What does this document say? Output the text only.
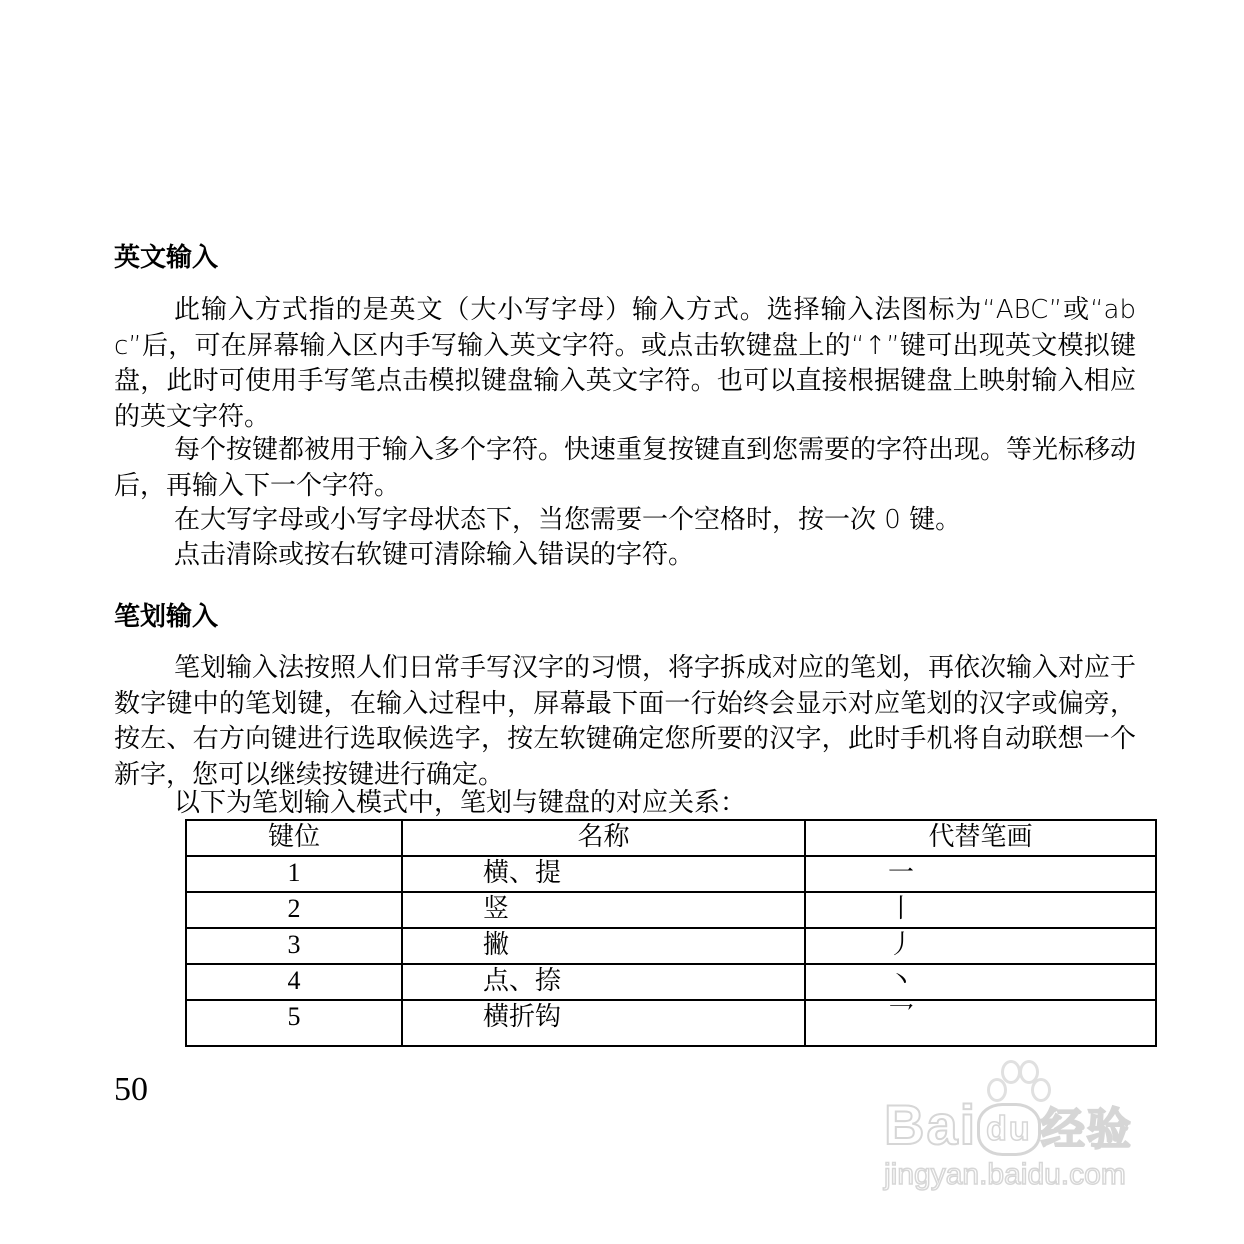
英文输入

此输入方式指的是英文（大小写字母）输入方式。选择输入法图标为“ABC”或“abc”后，可在屏幕输入区内手写输入英文字符。或点击软键盘上的“↑”键可出现英文模拟键盘，此时可使用手写笔点击模拟键盘输入英文字符。也可以直接根据键盘上映射输入相应的英文字符。

每个按键都被用于输入多个字符。快速重复按键直到您需要的字符出现。等光标移动后，再输入下一个字符。

在大写字母或小写字母状态下，当您需要一个空格时，按一次 0 键。

点击清除或按右软键可清除输入错误的字符。

笔划输入

笔划输入法按照人们日常手写汉字的习惯，将字拆成对应的笔划，再依次输入对应于数字键中的笔划键，在输入过程中，屏幕最下面一行始终会显示对应笔划的汉字或偏旁，按左、右方向键进行选取候选字，按左软键确定您所要的汉字，此时手机将自动联想一个新字，您可以继续按键进行确定。

以下为笔划输入模式中，笔划与键盘的对应关系：

键位	名称	代替笔画
1	横、提	一
2	竖	丨
3	撇	丿
4	点、捺	丶
5	横折钩	乛
50
Bai du 经验
jingyan.baidu.com
